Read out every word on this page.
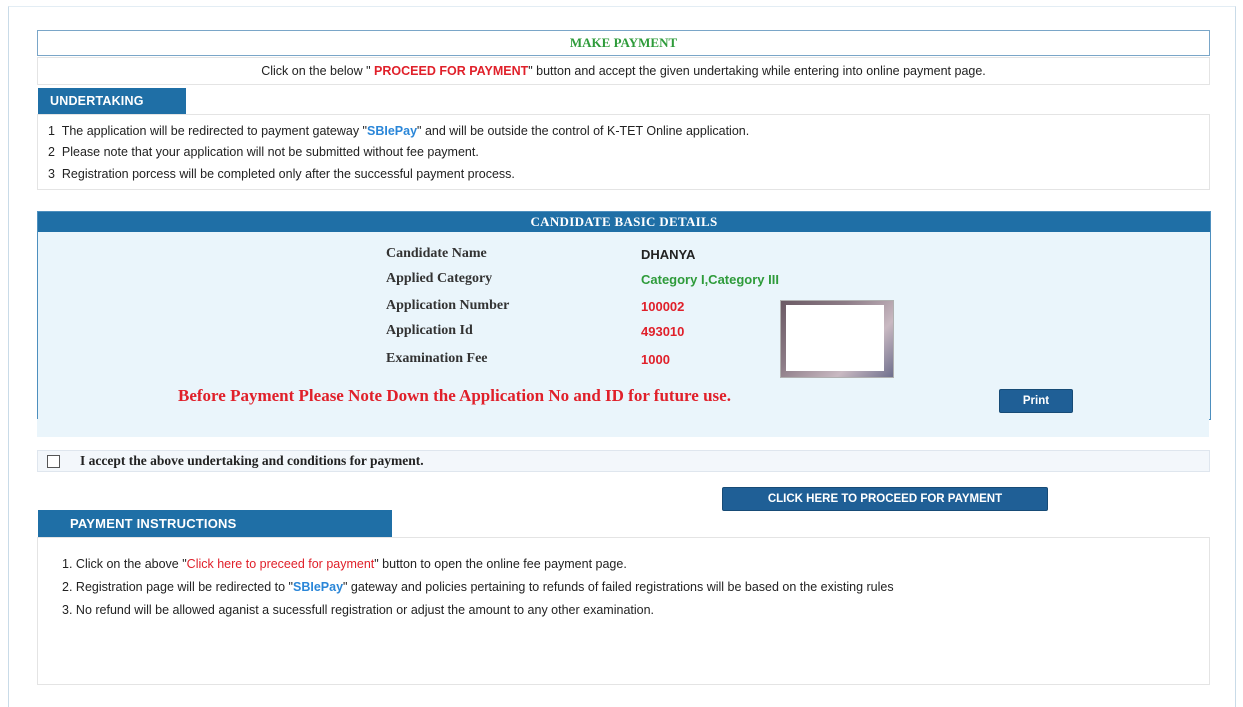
MAKE PAYMENT
Click on the below " PROCEED FOR PAYMENT" button and accept the given undertaking while entering into online payment page.
UNDERTAKING
1 The application will be redirected to payment gateway "SBIePay" and will be outside the control of K-TET Online application.
2 Please note that your application will not be submitted without fee payment.
3 Registration porcess will be completed only after the successful payment process.
CANDIDATE BASIC DETAILS
Candidate Name	DHANYA
Applied Category	Category I,Category III
Application Number	100002
Application Id	493010
Examination Fee	1000
Before Payment Please Note Down the Application No and ID for future use.	Print
I accept the above undertaking and conditions for payment.
CLICK HERE TO PROCEED FOR PAYMENT
PAYMENT INSTRUCTIONS
1. Click on the above "Click here to preceed for payment" button to open the online fee payment page.
2. Registration page will be redirected to "SBIePay" gateway and policies pertaining to refunds of failed registrations will be based on the existing rules
3. No refund will be allowed aganist a sucessfull registration or adjust the amount to any other examination.
